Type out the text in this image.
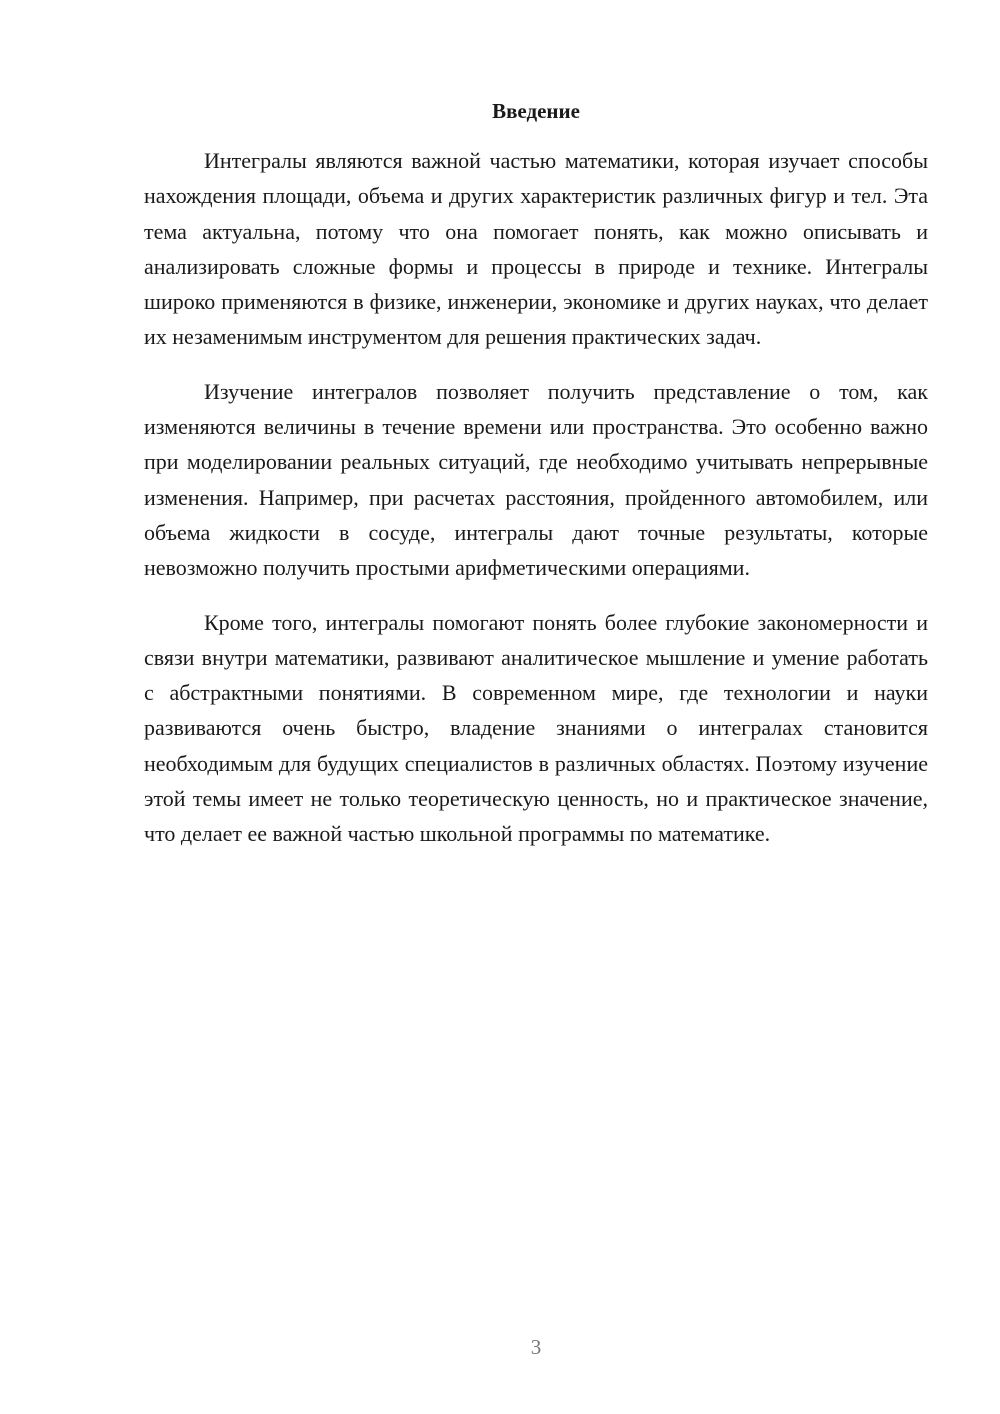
Введение

Интегралы являются важной частью математики, которая изучает способы нахождения площади, объема и других характеристик различных фигур и тел. Эта тема актуальна, потому что она помогает понять, как можно описывать и анализировать сложные формы и процессы в природе и технике. Интегралы широко применяются в физике, инженерии, экономике и других науках, что делает их незаменимым инструментом для решения практических задач.

Изучение интегралов позволяет получить представление о том, как изменяются величины в течение времени или пространства. Это особенно важно при моделировании реальных ситуаций, где необходимо учитывать непрерывные изменения. Например, при расчетах расстояния, пройденного автомобилем, или объема жидкости в сосуде, интегралы дают точные результаты, которые невозможно получить простыми арифметическими операциями.

Кроме того, интегралы помогают понять более глубокие закономерности и связи внутри математики, развивают аналитическое мышление и умение работать с абстрактными понятиями. В современном мире, где технологии и науки развиваются очень быстро, владение знаниями о интегралах становится необходимым для будущих специалистов в различных областях. Поэтому изучение этой темы имеет не только теоретическую ценность, но и практическое значение, что делает ее важной частью школьной программы по математике.

3
